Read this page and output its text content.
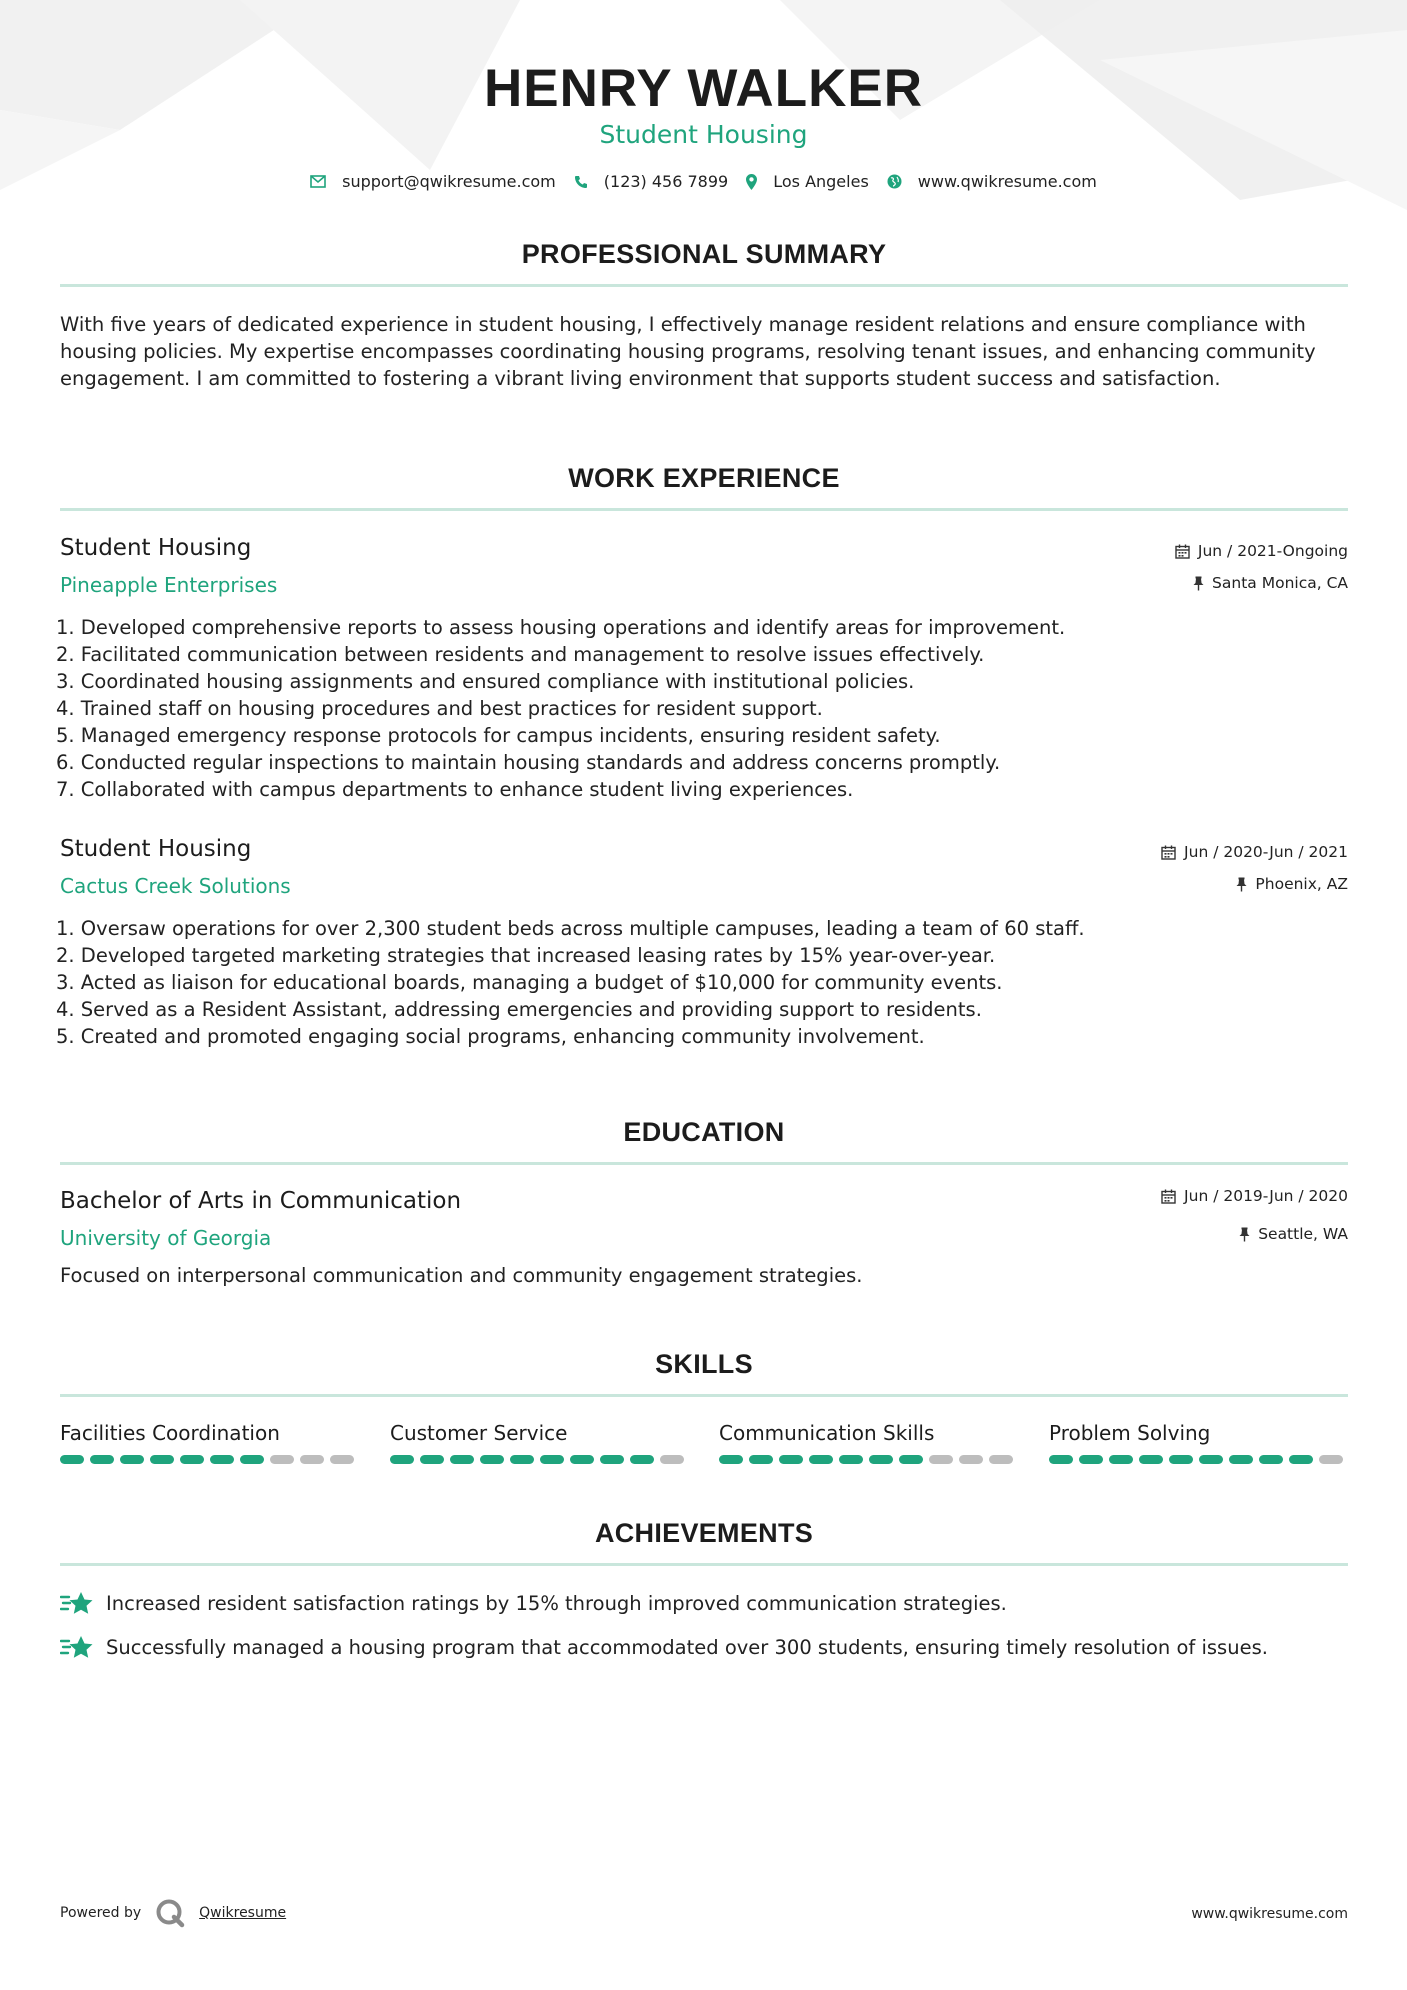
HENRY WALKER
Student Housing
support@qwikresume.com	(123) 456 7899	Los Angeles	www.qwikresume.com
PROFESSIONAL SUMMARY

With five years of dedicated experience in student housing, I effectively manage resident relations and ensure compliance with housing policies. My expertise encompasses coordinating housing programs, resolving tenant issues, and enhancing community engagement. I am committed to fostering a vibrant living environment that supports student success and satisfaction.

WORK EXPERIENCE
Student Housing
Pineapple Enterprises
Jun / 2021-Ongoing
Santa Monica, CA
1. Developed comprehensive reports to assess housing operations and identify areas for improvement.
2. Facilitated communication between residents and management to resolve issues effectively.
3. Coordinated housing assignments and ensured compliance with institutional policies.
4. Trained staff on housing procedures and best practices for resident support.
5. Managed emergency response protocols for campus incidents, ensuring resident safety.
6. Conducted regular inspections to maintain housing standards and address concerns promptly.
7. Collaborated with campus departments to enhance student living experiences.
Student Housing
Cactus Creek Solutions
Jun / 2020-Jun / 2021
Phoenix, AZ
1. Oversaw operations for over 2,300 student beds across multiple campuses, leading a team of 60 staff.
2. Developed targeted marketing strategies that increased leasing rates by 15% year-over-year.
3. Acted as liaison for educational boards, managing a budget of $10,000 for community events.
4. Served as a Resident Assistant, addressing emergencies and providing support to residents.
5. Created and promoted engaging social programs, enhancing community involvement.
EDUCATION
Bachelor of Arts in Communication
University of Georgia
Jun / 2019-Jun / 2020
Seattle, WA

Focused on interpersonal communication and community engagement strategies.

SKILLS
Facilities Coordination	Customer Service	Communication Skills	Problem Solving
ACHIEVEMENTS
Increased resident satisfaction ratings by 15% through improved communication strategies.
Successfully managed a housing program that accommodated over 300 students, ensuring timely resolution of issues.
Powered by	Qwikresume	www.qwikresume.com
